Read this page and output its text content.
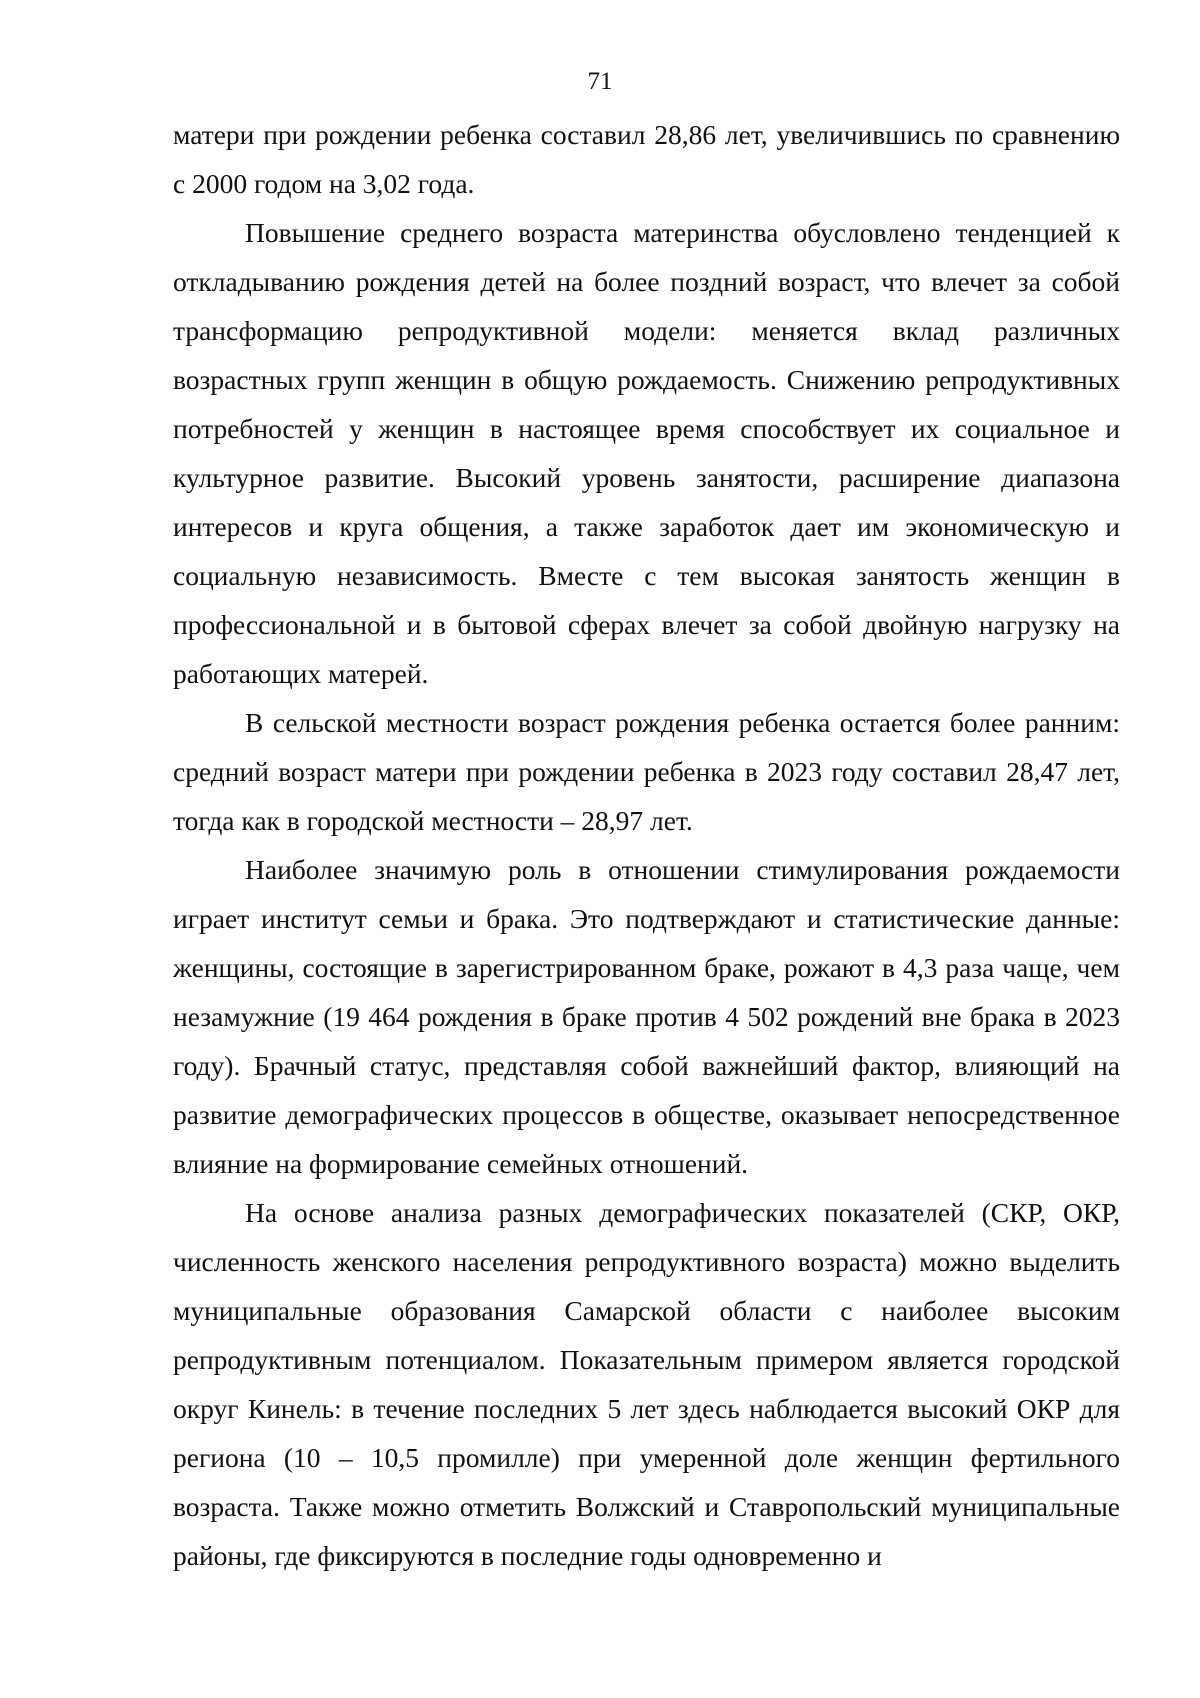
71

матери при рождении ребенка составил 28,86 лет, увеличившись по сравнению с 2000 годом на 3,02 года.

Повышение среднего возраста материнства обусловлено тенденцией к откладыванию рождения детей на более поздний возраст, что влечет за собой трансформацию репродуктивной модели: меняется вклад различных возрастных групп женщин в общую рождаемость. Снижению репродуктивных потребностей у женщин в настоящее время способствует их социальное и культурное развитие. Высокий уровень занятости, расширение диапазона интересов и круга общения, а также заработок дает им экономическую и социальную независимость. Вместе с тем высокая занятость женщин в профессиональной и в бытовой сферах влечет за собой двойную нагрузку на работающих матерей.

В сельской местности возраст рождения ребенка остается более ранним: средний возраст матери при рождении ребенка в 2023 году составил 28,47 лет, тогда как в городской местности – 28,97 лет.

Наиболее значимую роль в отношении стимулирования рождаемости играет институт семьи и брака. Это подтверждают и статистические данные: женщины, состоящие в зарегистрированном браке, рожают в 4,3 раза чаще, чем незамужние (19 464 рождения в браке против 4 502 рождений вне брака в 2023 году). Брачный статус, представляя собой важнейший фактор, влияющий на развитие демографических процессов в обществе, оказывает непосредственное влияние на формирование семейных отношений.

На основе анализа разных демографических показателей (СКР, ОКР, численность женского населения репродуктивного возраста) можно выделить муниципальные образования Самарской области с наиболее высоким репродуктивным потенциалом. Показательным примером является городской округ Кинель: в течение последних 5 лет здесь наблюдается высокий ОКР для региона (10 – 10,5 промилле) при умеренной доле женщин фертильного возраста. Также можно отметить Волжский и Ставропольский муниципальные районы, где фиксируются в последние годы одновременно и
